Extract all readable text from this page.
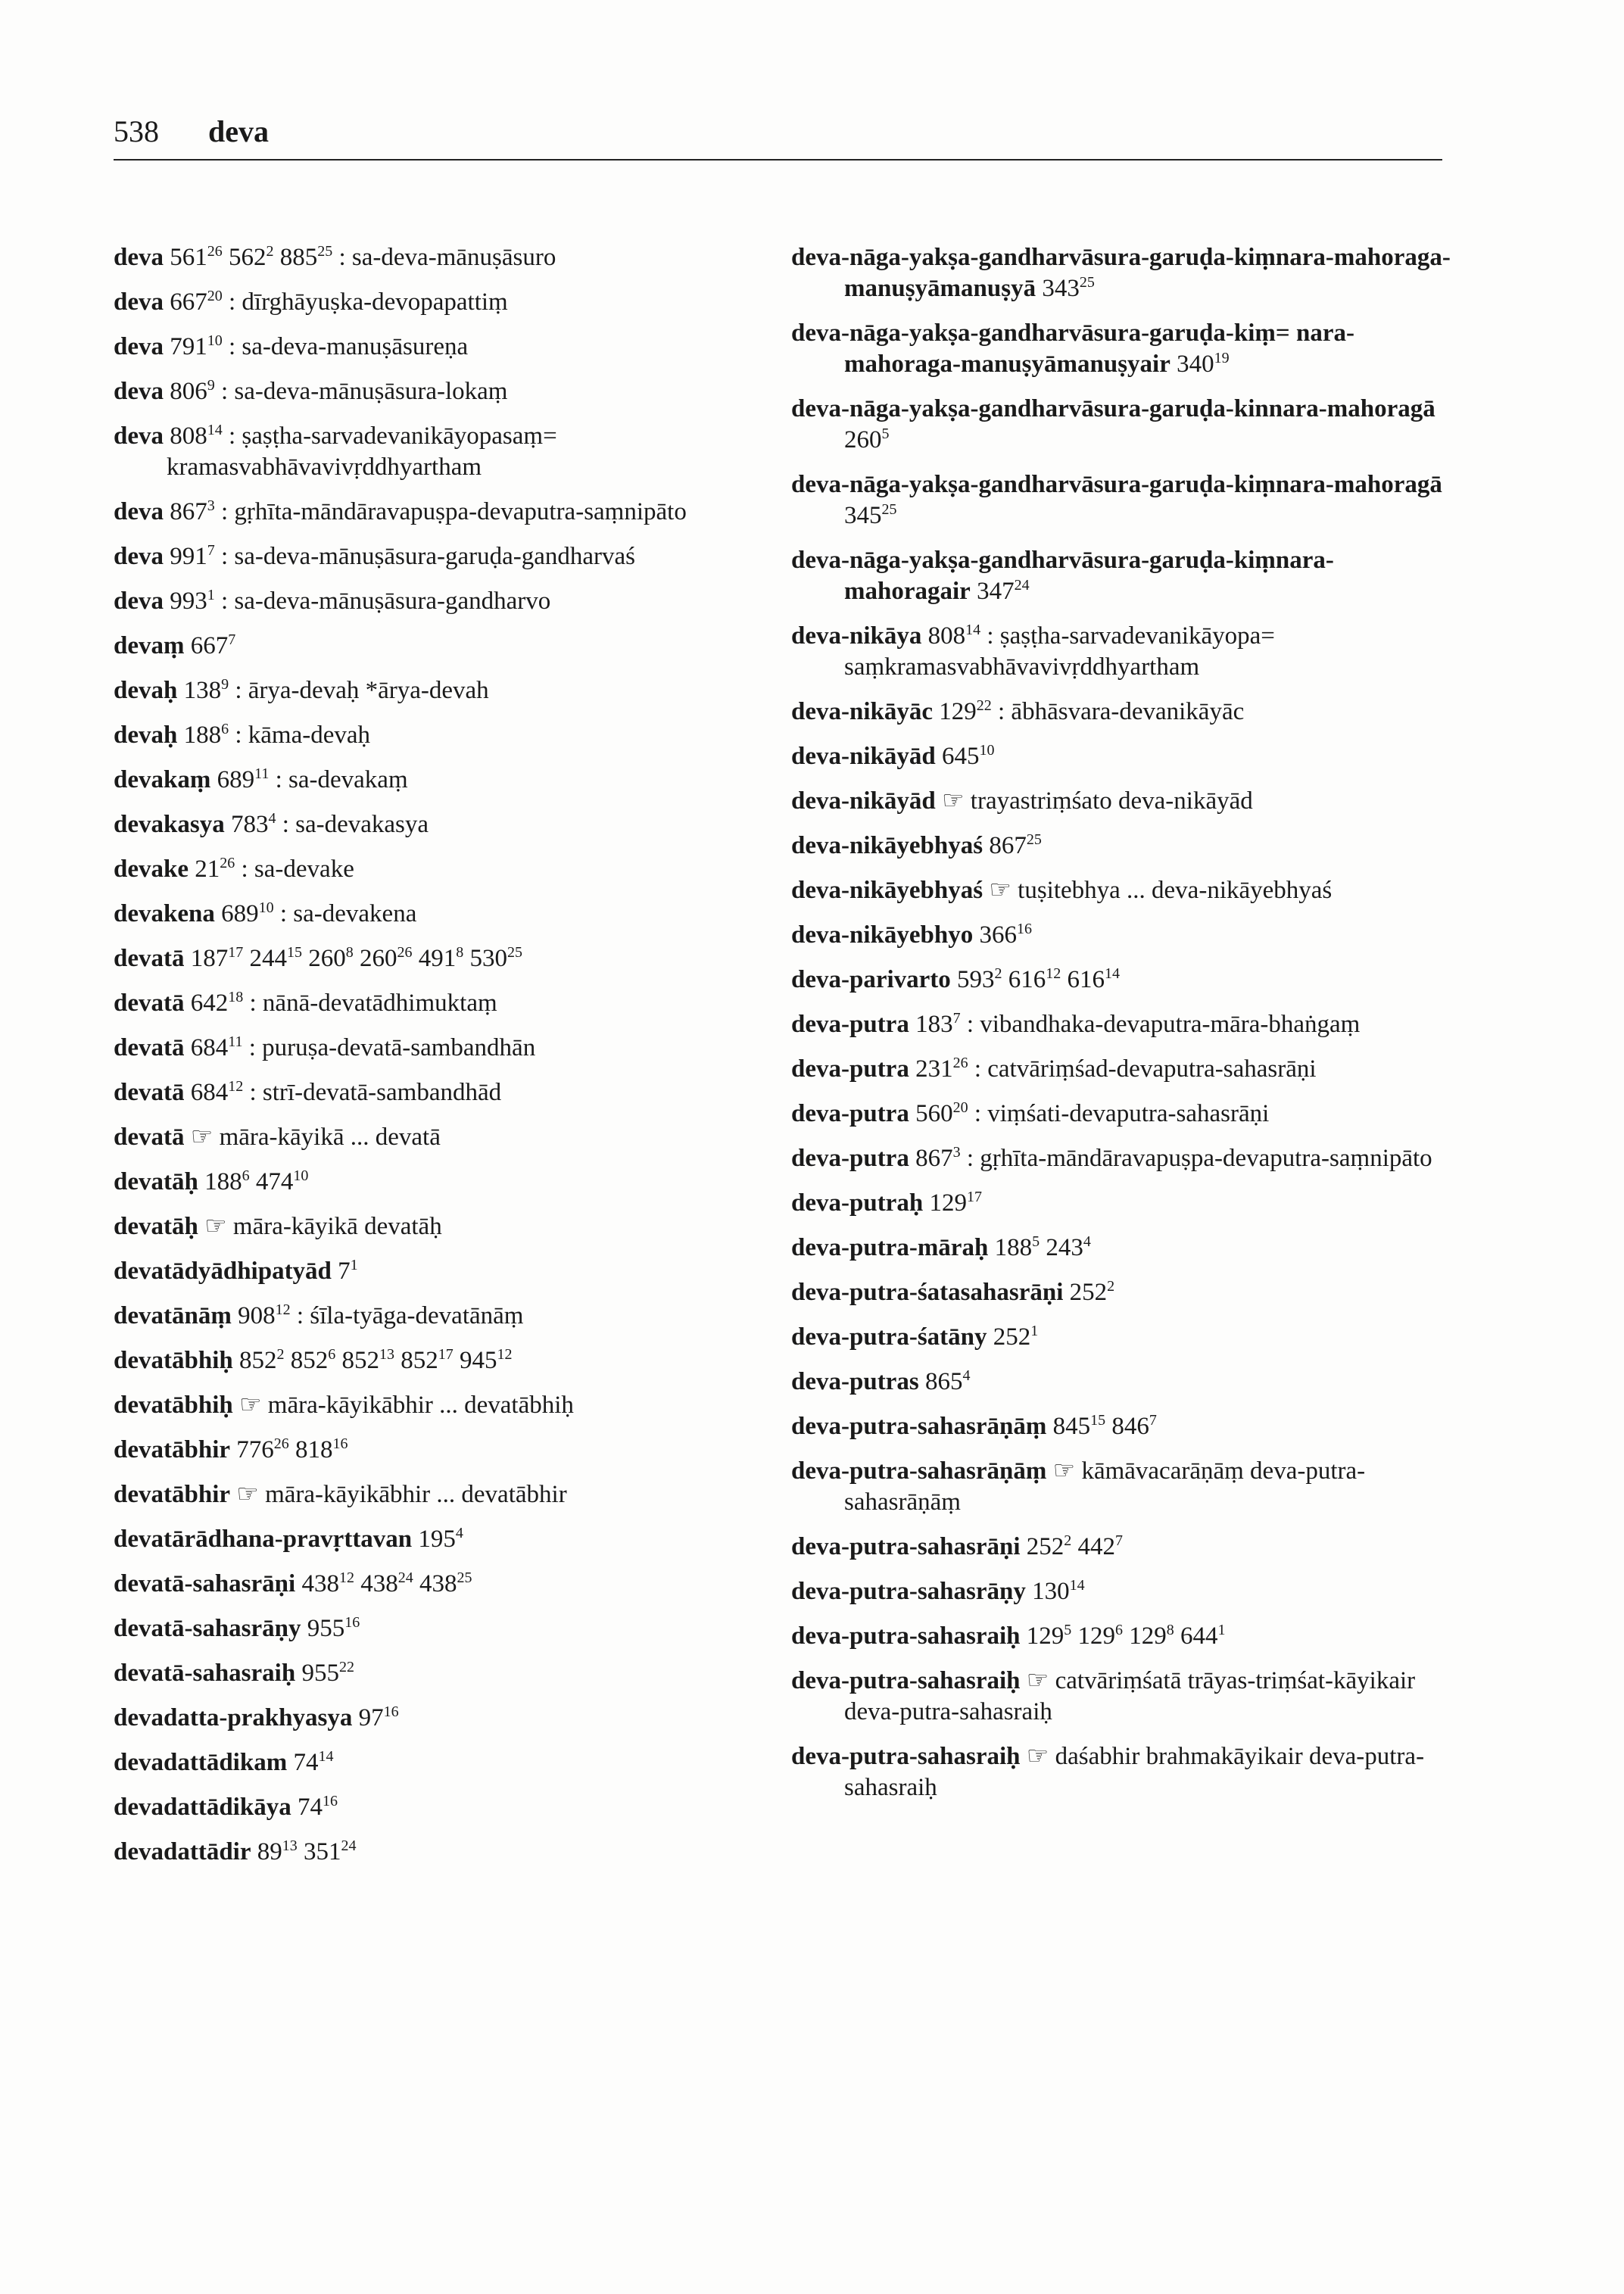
538 deva
deva $561^{26}$ $562^2$ $885^{25}$ : sa-deva-mānuṣāsuro
deva $667^{20}$ : dīrghāyuṣka-devopapattiṃ
deva $791^{10}$ : sa-deva-manuṣāsureṇa
deva $806^9$ : sa-deva-mānuṣāsura-lokaṃ
deva $808^{14}$ : ṣaṣṭha-sarvadevanikāyopasaṃ= kramasvabhāvavivṛddhyartham
deva $867^3$ : gṛhīta-māndāravapuṣpa-devaputra-saṃnipāto
deva $991^7$ : sa-deva-mānuṣāsura-garuḍa-gandharvaś
deva $993^1$ : sa-deva-mānuṣāsura-gandharvo
devaṃ $667^7$
devaḥ $138^9$ : ārya-devaḥ *ārya-devah
devaḥ $188^6$ : kāma-devaḥ
devakaṃ $689^{11}$ : sa-devakaṃ
devakasya $783^4$ : sa-devakasya
devake $21^{26}$ : sa-devake
devakena $689^{10}$ : sa-devakena
devatā $187^{17}$ $244^{15}$ $260^8$ $260^{26}$ $491^8$ $530^{25}$
devatā $642^{18}$ : nānā-devatādhimuktaṃ
devatā $684^{11}$ : puruṣa-devatā-sambandhān
devatā $684^{12}$ : strī-devatā-sambandhād
devatā ☞ māra-kāyikā ... devatā
devatāḥ $188^6$ $474^{10}$
devatāḥ ☞ māra-kāyikā devatāḥ
devatādyādhipatyād $7^1$
devatānāṃ $908^{12}$ : śīla-tyāga-devatānāṃ
devatābhiḥ $852^2$ $852^6$ $852^{13}$ $852^{17}$ $945^{12}$
devatābhiḥ ☞ māra-kāyikābhir ... devatābhiḥ
devatābhir $776^{26}$ $818^{16}$
devatābhir ☞ māra-kāyikābhir ... devatābhir
devatārādhana-pravṛttavan $195^4$
devatā-sahasrāṇi $438^{12}$ $438^{24}$ $438^{25}$
devatā-sahasrāṇy $955^{16}$
devatā-sahasraiḥ $955^{22}$
devadatta-prakhyasya $97^{16}$
devadattādikam $74^{14}$
devadattādikāya $74^{16}$
devadattādir $89^{13}$ $351^{24}$
deva-nāga-yakṣa-gandharvāsura-garuḍa-kiṃnara-mahoraga-manuṣyāmanuṣyā $343^{25}$
deva-nāga-yakṣa-gandharvāsura-garuḍa-kiṃ= nara-mahoraga-manuṣyāmanuṣyair $340^{19}$
deva-nāga-yakṣa-gandharvāsura-garuḍa-kinnara-mahoragā $260^5$
deva-nāga-yakṣa-gandharvāsura-garuḍa-kiṃnara-mahoragā $345^{25}$
deva-nāga-yakṣa-gandharvāsura-garuḍa-kiṃnara-mahoragair $347^{24}$
deva-nikāya $808^{14}$ : ṣaṣṭha-sarvadevanikāyopa= saṃkramasvabhāvavivṛddhyartham
deva-nikāyāc $129^{22}$ : ābhāsvara-devanikāyāc
deva-nikāyād $645^{10}$
deva-nikāyād ☞ trayastriṃśato deva-nikāyād
deva-nikāyebhyaś $867^{25}$
deva-nikāyebhyaś ☞ tuṣitebhya ... deva-nikāyebhyaś
deva-nikāyebhyo $366^{16}$
deva-parivarto $593^2$ $616^{12}$ $616^{14}$
deva-putra $183^7$ : vibandhaka-devaputra-māra-bhaṅgaṃ
deva-putra $231^{26}$ : catvāriṃśad-devaputra-sahasrāṇi
deva-putra $560^{20}$ : viṃśati-devaputra-sahasrāṇi
deva-putra $867^3$ : gṛhīta-māndāravapuṣpa-devaputra-saṃnipāto
deva-putraḥ $129^{17}$
deva-putra-māraḥ $188^5$ $243^4$
deva-putra-śatasahasrāṇi $252^2$
deva-putra-śatāny $252^1$
deva-putras $865^4$
deva-putra-sahasrāṇāṃ $845^{15}$ $846^7$
deva-putra-sahasrāṇāṃ ☞ kāmāvacarāṇāṃ deva-putra-sahasrāṇāṃ
deva-putra-sahasrāṇi $252^2$ $442^7$
deva-putra-sahasrāṇy $130^{14}$
deva-putra-sahasraiḥ $129^5$ $129^6$ $129^8$ $644^1$
deva-putra-sahasraiḥ ☞ catvāriṃśatā trāyas-triṃśat-kāyikair deva-putra-sahasraiḥ
deva-putra-sahasraiḥ ☞ daśabhir brahmakāyikair deva-putra-sahasraiḥ
